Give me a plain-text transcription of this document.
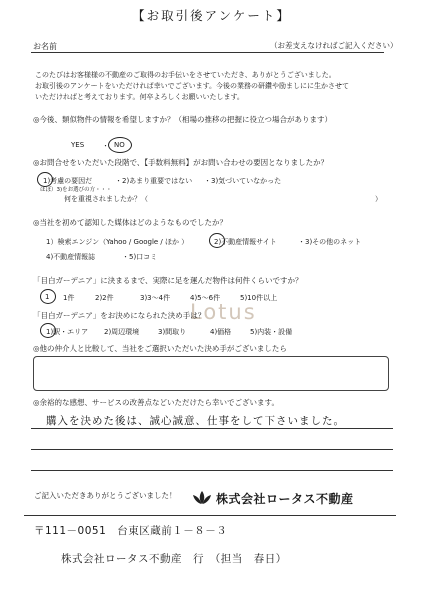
【お取引後アンケート】
お名前	（お差支えなければご記入ください）
このたびはお客様様の不動産のご取得のお手伝いをさせていただき、ありがとうございました。
お取引後のアンケートをいただければ幸いでございます。今後の業務の研鑽や励ましにに生かさせて
いただければと考えております。何卒よろしくお願いいたします。
◎今後、類似物件の情報を希望しますか？（相場の推移の把握に役立つ場合があります）
YES	・ NO
◎お問合せをいただいた段階で、【手数料無料】がお問い合わせの要因となりましたか？
1)考慮の要因だ	・2)あまり重要ではない ・3)気づいていなかった
ほぼ）3)をお選びの方・・・
何を重視されましたか？（	）
◎当社を初めて認知した媒体はどのようなものでしたか？
1）検索エンジン（Yahoo / Google / ほか ）	2)不動産情報サイト	・3)その他のネット
4)不動産情報誌	・5)口コミ
「目白ガーデニア」に決まるまで、実際に足を運んだ物件は何件くらいですか？
1 1件	2)2件	3)3～4件	4)5～6件	5)10件以上
Lotus
「目白ガーデニア」をお決めになられた決め手は？
1)駅・エリア 2)周辺環境	3)間取り	4)価格	5)内装・設備
◎他の仲介人と比較して、当社をご選択いただいた決め手がございましたら
◎余裕的な感想、サービスの改善点などいただけたら幸いでございます。
購入を決めた後は、誠心誠意、仕事をして下さいました。
ご記入いただきありがとうございました！	株式会社ロータス不動産
〒111－0051　台東区蔵前１－８－３
株式会社ロータス不動産　行　（担当　春日）
